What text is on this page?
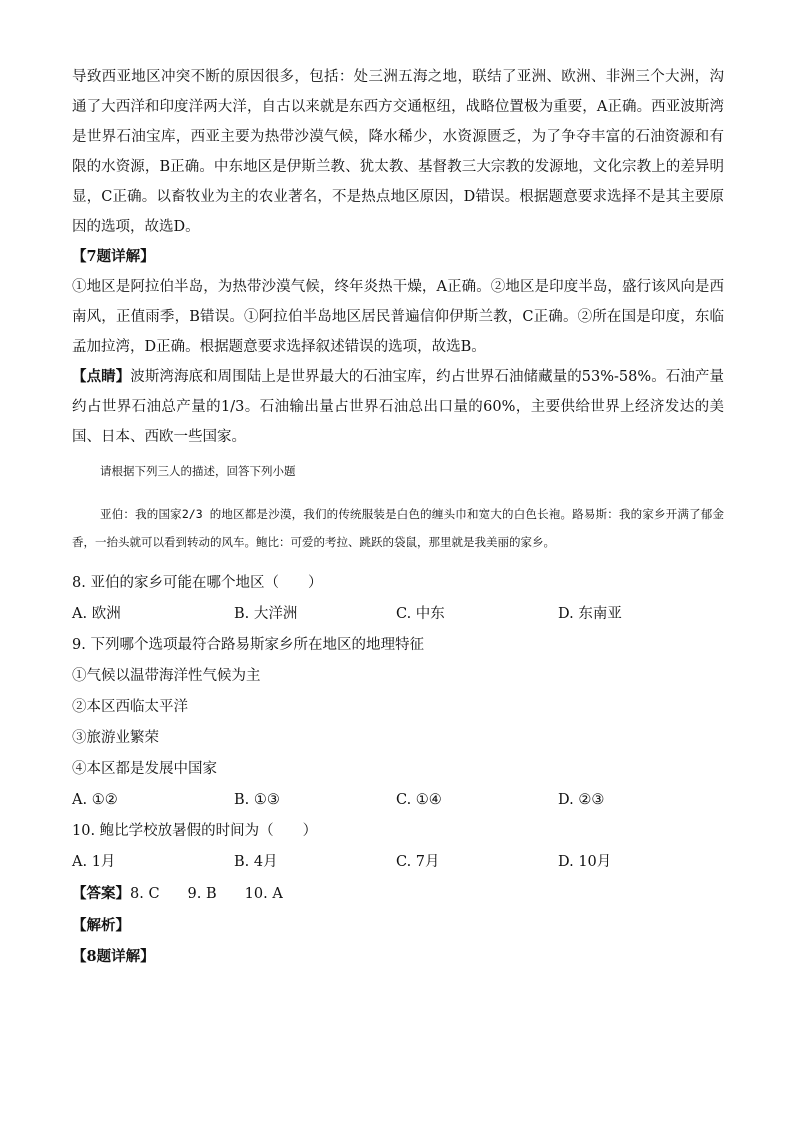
导致西亚地区冲突不断的原因很多，包括：处三洲五海之地，联结了亚洲、欧洲、非洲三个大洲，沟通了大西洋和印度洋两大洋，自古以来就是东西方交通枢纽，战略位置极为重要，A正确。西亚波斯湾是世界石油宝库，西亚主要为热带沙漠气候，降水稀少，水资源匮乏，为了争夺丰富的石油资源和有限的水资源，B正确。中东地区是伊斯兰教、犹太教、基督教三大宗教的发源地，文化宗教上的差异明显，C正确。以畜牧业为主的农业著名，不是热点地区原因，D错误。根据题意要求选择不是其主要原因的选项，故选D。

【7题详解】

①地区是阿拉伯半岛，为热带沙漠气候，终年炎热干燥，A正确。②地区是印度半岛，盛行该风向是西南风，正值雨季，B错误。①阿拉伯半岛地区居民普遍信仰伊斯兰教，C正确。②所在国是印度，东临孟加拉湾，D正确。根据题意要求选择叙述错误的选项，故选B。

【点睛】波斯湾海底和周围陆上是世界最大的石油宝库，约占世界石油储藏量的53%-58%。石油产量约占世界石油总产量的1/3。石油输出量占世界石油总出口量的60%，主要供给世界上经济发达的美国、日本、西欧一些国家。

请根据下列三人的描述，回答下列小题

亚伯：我的国家2/3 的地区都是沙漠，我们的传统服装是白色的缠头巾和宽大的白色长袍。路易斯：我的家乡开满了郁金香，一抬头就可以看到转动的风车。鲍比：可爱的考拉、跳跃的袋鼠，那里就是我美丽的家乡。

8. 亚伯的家乡可能在哪个地区（　　）

A. 欧洲	B. 大洋洲	C. 中东	D. 东南亚

9. 下列哪个选项最符合路易斯家乡所在地区的地理特征

①气候以温带海洋性气候为主

②本区西临太平洋

③旅游业繁荣

④本区都是发展中国家

A. ①②	B. ①③	C. ①④	D. ②③

10. 鲍比学校放暑假的时间为（　　）

A. 1月	B. 4月	C. 7月	D. 10月
【答案】8. C 9. B 10. A
【解析】
【8题详解】
